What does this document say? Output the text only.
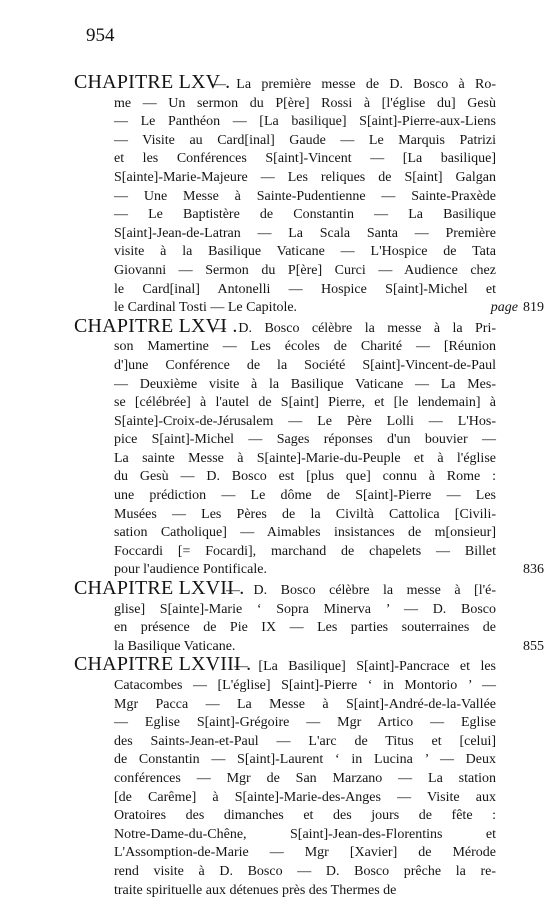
954
CHAPITRE LXV .
— La première messe de D. Bosco à Ro-
me — Un sermon du P[ère] Rossi à [l'église du] Gesù
— Le Panthéon — [La basilique] S[aint]-Pierre-aux-Liens
— Visite au Card[inal] Gaude — Le Marquis Patrizi
et les Conférences S[aint]-Vincent — [La basilique]
S[ainte]-Marie-Majeure — Les reliques de S[aint] Galgan
— Une Messe à Sainte-Pudentienne — Sainte-Praxède
— Le Baptistère de Constantin — La Basilique
S[aint]-Jean-de-Latran — La Scala Santa — Première
visite à la Basilique Vaticane — L'Hospice de Tata
Giovanni — Sermon du P[ère] Curci — Audience chez
le Card[inal] Antonelli — Hospice S[aint]-Michel et
le Cardinal Tosti — Le Capitole.	page 819
CHAPITRE LXVI .
— D. Bosco célèbre la messe à la Pri-
son Mamertine — Les écoles de Charité — [Réunion
d']une Conférence de la Société S[aint]-Vincent-de-Paul
— Deuxième visite à la Basilique Vaticane — La Mes-
se [célébrée] à l'autel de S[aint] Pierre, et [le lendemain] à
S[ainte]-Croix-de-Jérusalem — Le Père Lolli — L'Hos-
pice S[aint]-Michel — Sages réponses d'un bouvier —
La sainte Messe à S[ainte]-Marie-du-Peuple et à l'église
du Gesù — D. Bosco est [plus que] connu à Rome :
une prédiction — Le dôme de S[aint]-Pierre — Les
Musées — Les Pères de la Civiltà Cattolica [Civili-
sation Catholique] — Aimables insistances de m[onsieur]
Foccardi [= Focardi], marchand de chapelets — Billet
pour l'audience Pontificale.	836
CHAPITRE LXVII .
— D. Bosco célèbre la messe à [l'é-
glise] S[ainte]-Marie ‘ Sopra Minerva ’ — D. Bosco
en présence de Pie IX — Les parties souterraines de
la Basilique Vaticane.	855
CHAPITRE LXVIII .
— [La Basilique] S[aint]-Pancrace et les
Catacombes — [L'église] S[aint]-Pierre ‘ in Montorio ’ —
Mgr Pacca — La Messe à S[aint]-André-de-la-Vallée
— Eglise S[aint]-Grégoire — Mgr Artico — Eglise
des Saints-Jean-et-Paul — L'arc de Titus et [celui]
de Constantin — S[aint]-Laurent ‘ in Lucina ’ — Deux
conférences — Mgr de San Marzano — La station
[de Carême] à S[ainte]-Marie-des-Anges — Visite aux
Oratoires des dimanches et des jours de fête :
Notre-Dame-du-Chêne, S[aint]-Jean-des-Florentins et
L'Assomption-de-Marie — Mgr [Xavier] de Mérode
rend visite à D. Bosco — D. Bosco prêche la re-
traite spirituelle aux détenues près des Thermes de
